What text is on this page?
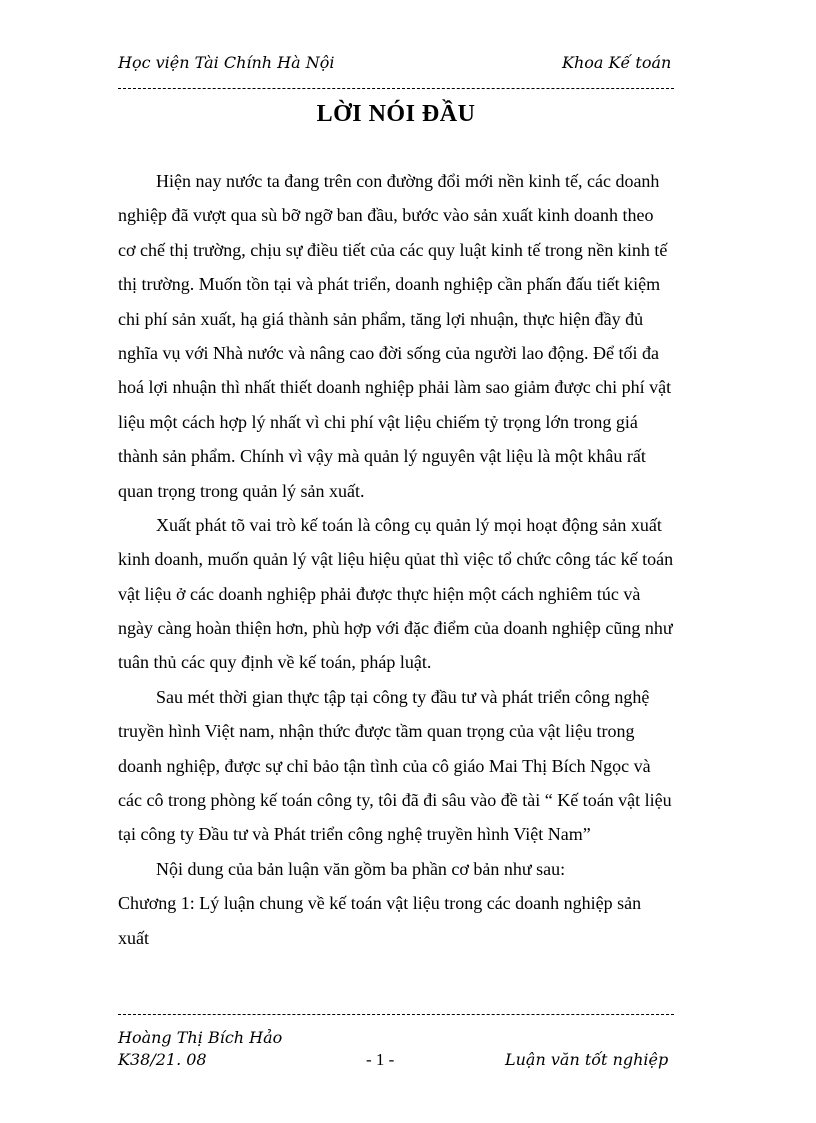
Học viện Tài Chính Hà Nội	Khoa Kế toán
LỜI NÓI ĐẦU
Hiện nay nước ta đang trên con đường đổi mới nền kinh tế, các doanh
nghiệp đã vượt qua sù bỡ ngỡ ban đầu, bước vào sản xuất kinh doanh theo
cơ chế thị trường, chịu sự điều tiết của các quy luật kinh tế trong nền kinh tế
thị trường. Muốn tồn tại và phát triển, doanh nghiệp cần phấn đấu tiết kiệm
chi phí sản xuất, hạ giá thành sản phẩm, tăng lợi nhuận, thực hiện đầy đủ
nghĩa vụ với Nhà nước và nâng cao đời sống của người lao động. Để tối đa
hoá lợi nhuận thì nhất thiết doanh nghiệp phải làm sao giảm được chi phí vật
liệu một cách hợp lý nhất vì chi phí vật liệu chiếm tỷ trọng lớn trong giá
thành sản phẩm. Chính vì vậy mà quản lý nguyên vật liệu là một khâu rất
quan trọng trong quản lý sản xuất.
Xuất phát tõ vai trò kế toán là công cụ quản lý mọi hoạt động sản xuất
kinh doanh, muốn quản lý vật liệu hiệu qủat thì việc tổ chức công tác kế toán
vật liệu ở các doanh nghiệp phải được thực hiện một cách nghiêm túc và
ngày càng hoàn thiện hơn, phù hợp với đặc điểm của doanh nghiệp cũng như
tuân thủ các quy định về kế toán, pháp luật.
Sau mét thời gian thực tập tại công ty đầu tư và phát triển công nghệ
truyền hình Việt nam, nhận thức được tầm quan trọng của vật liệu trong
doanh nghiệp, được sự chỉ bảo tận tình của cô giáo Mai Thị Bích Ngọc và
các cô trong phòng kế toán công ty, tôi đã đi sâu vào đề tài “ Kế toán vật liệu
tại công ty Đầu tư và Phát triển công nghệ truyền hình Việt Nam”
Nội dung của bản luận văn gồm ba phần cơ bản như sau:
Chương 1: Lý luận chung về kế toán vật liệu trong các doanh nghiệp sản
xuất
Hoàng Thị Bích Hảo
K38/21. 08	- 1 -	Luận văn tốt nghiệp
